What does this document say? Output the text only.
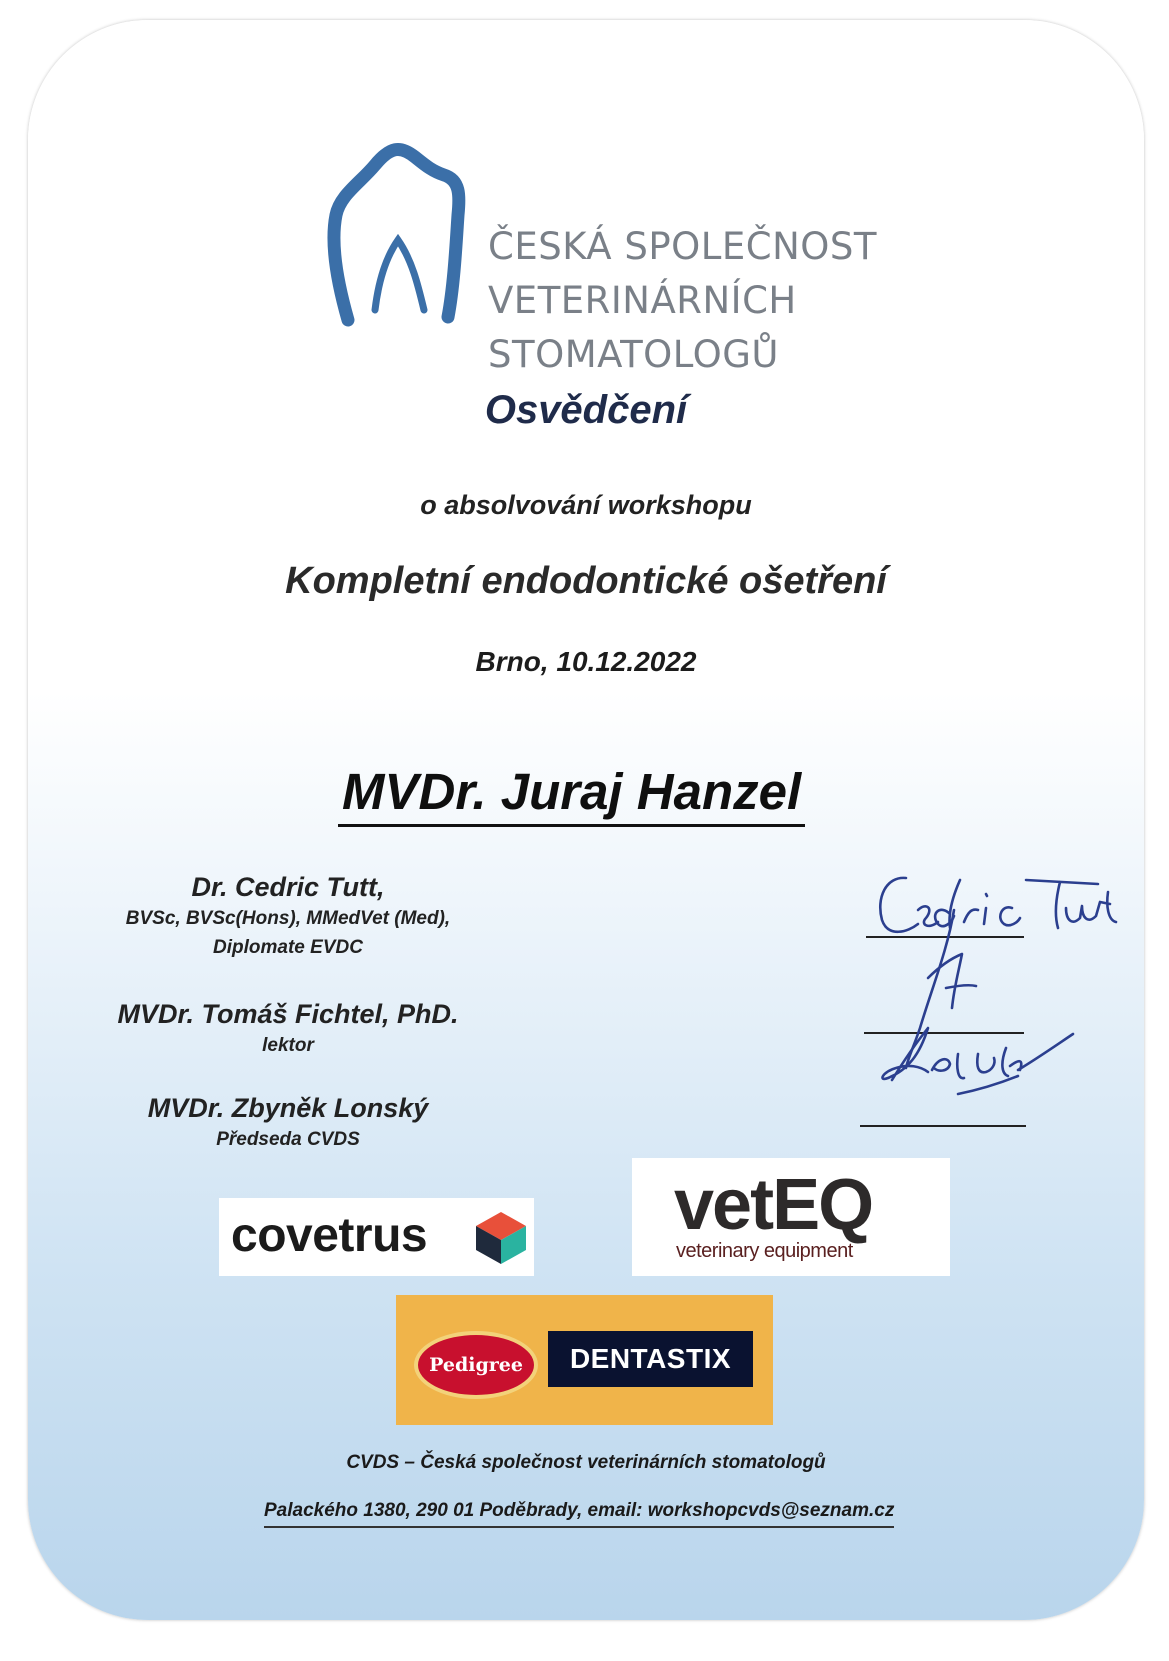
ČESKÁ SPOLEČNOST
VETERINÁRNÍCH
STOMATOLOGŮ
Osvědčení
o absolvování workshopu
Kompletní endodontické ošetření
Brno, 10.12.2022
MVDr. Juraj Hanzel
Dr. Cedric Tutt,
BVSc, BVSc(Hons), MMedVet (Med),
Diplomate EVDC
MVDr. Tomáš Fichtel, PhD.
lektor
MVDr. Zbyněk Lonský
Předseda CVDS
covetrus	vetEQ
veterinary equipment
Pedigree	DENTASTIX
CVDS – Česká společnost veterinárních stomatologů
Palackého 1380, 290 01 Poděbrady, email: workshopcvds@seznam.cz
